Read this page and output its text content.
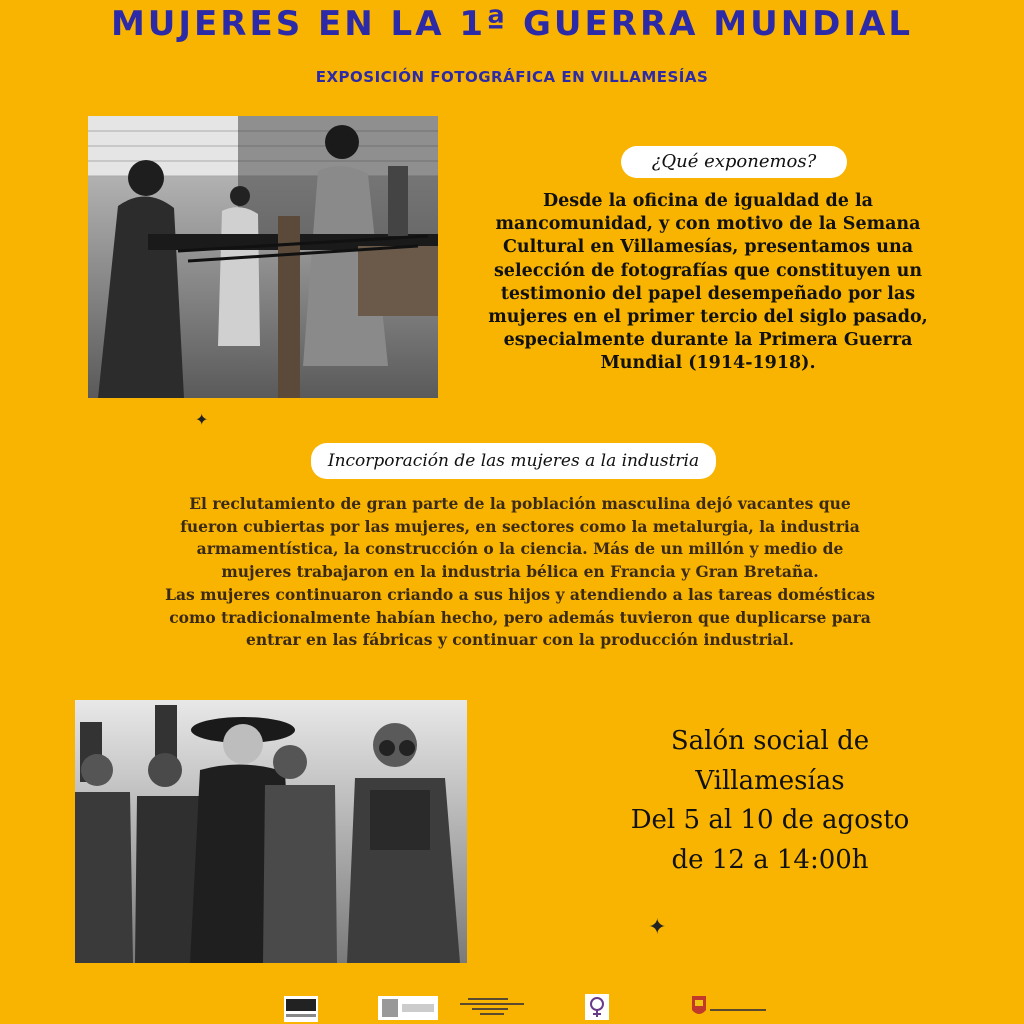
MUJERES EN LA 1ª GUERRA MUNDIAL
EXPOSICIÓN FOTOGRÁFICA EN VILLAMESÍAS
¿Qué exponemos?
Desde la oficina de igualdad de la mancomunidad, y con motivo de la Semana Cultural en Villamesías, presentamos una selección de fotografías que constituyen un testimonio del papel desempeñado por las mujeres en el primer tercio del siglo pasado, especialmente durante la Primera Guerra Mundial (1914-1918).
✦
Incorporación de las mujeres a la industria

El reclutamiento de gran parte de la población masculina dejó vacantes que fueron cubiertas por las mujeres, en sectores como la metalurgia, la industria armamentística, la construcción o la ciencia. Más de un millón y medio de mujeres trabajaron en la industria bélica en Francia y Gran Bretaña.

Las mujeres continuaron criando a sus hijos y atendiendo a las tareas domésticas como tradicionalmente habían hecho, pero además tuvieron que duplicarse para entrar en las fábricas y continuar con la producción industrial.

Salón social de
Villamesías
Del 5 al 10 de agosto
de 12 a 14:00h
✦
